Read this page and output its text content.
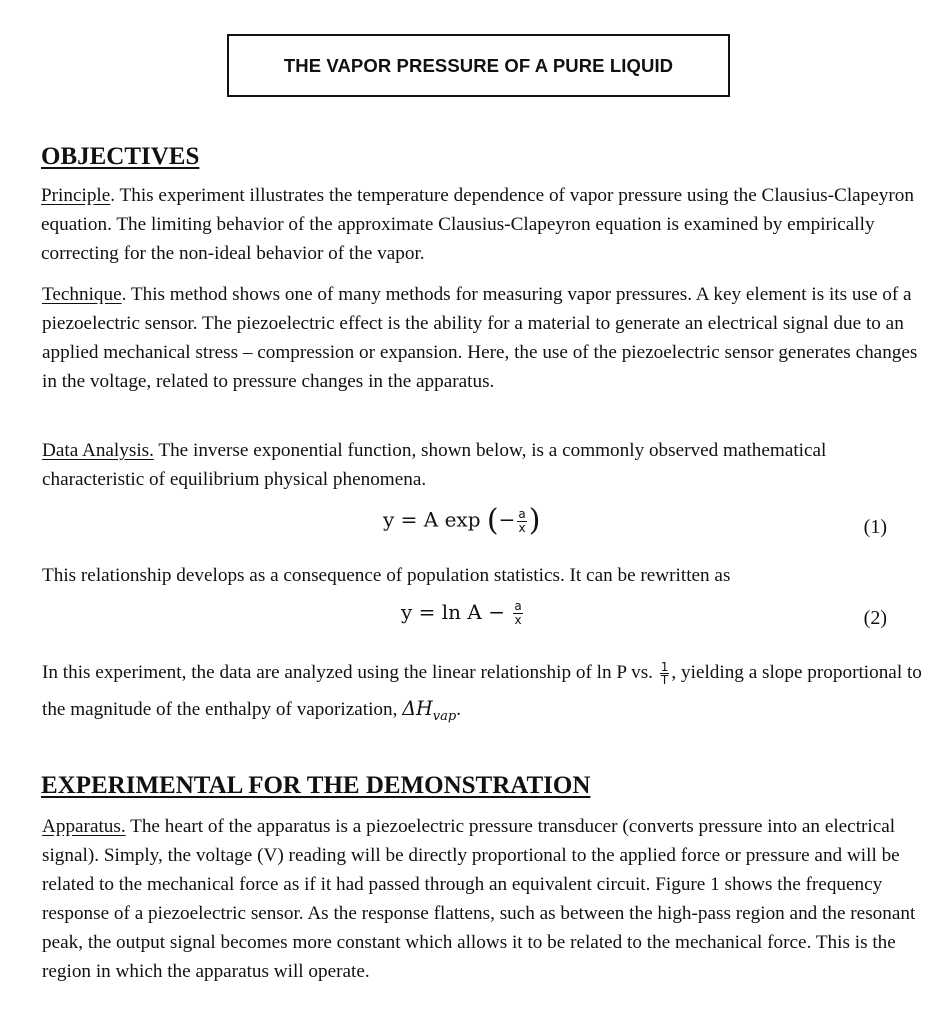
THE VAPOR PRESSURE OF A PURE LIQUID
OBJECTIVES

Principle. This experiment illustrates the temperature dependence of vapor pressure using the Clausius-Clapeyron equation. The limiting behavior of the approximate Clausius-Clapeyron equation is examined by empirically correcting for the non-ideal behavior of the vapor.

Technique. This method shows one of many methods for measuring vapor pressures. A key element is its use of a piezoelectric sensor. The piezoelectric effect is the ability for a material to generate an electrical signal due to an applied mechanical stress – compression or expansion. Here, the use of the piezoelectric sensor generates changes in the voltage, related to pressure changes in the apparatus.

Data Analysis. The inverse exponential function, shown below, is a commonly observed mathematical characteristic of equilibrium physical phenomena.

y = A exp (− $\frac{a}{x}$ )	(1)

This relationship develops as a consequence of population statistics. It can be rewritten as

$y = \ln A - \frac{a}{x}$	(2)

In this experiment, the data are analyzed using the linear relationship of ln P vs. $\frac{1}{T}$ , yielding a slope proportional to the magnitude of the enthalpy of vaporization, $\Delta H_{vap}$.

EXPERIMENTAL FOR THE DEMONSTRATION

Apparatus. The heart of the apparatus is a piezoelectric pressure transducer (converts pressure into an electrical signal). Simply, the voltage (V) reading will be directly proportional to the applied force or pressure and will be related to the mechanical force as if it had passed through an equivalent circuit. Figure 1 shows the frequency response of a piezoelectric sensor. As the response flattens, such as between the high-pass region and the resonant peak, the output signal becomes more constant which allows it to be related to the mechanical force. This is the region in which the apparatus will operate.
